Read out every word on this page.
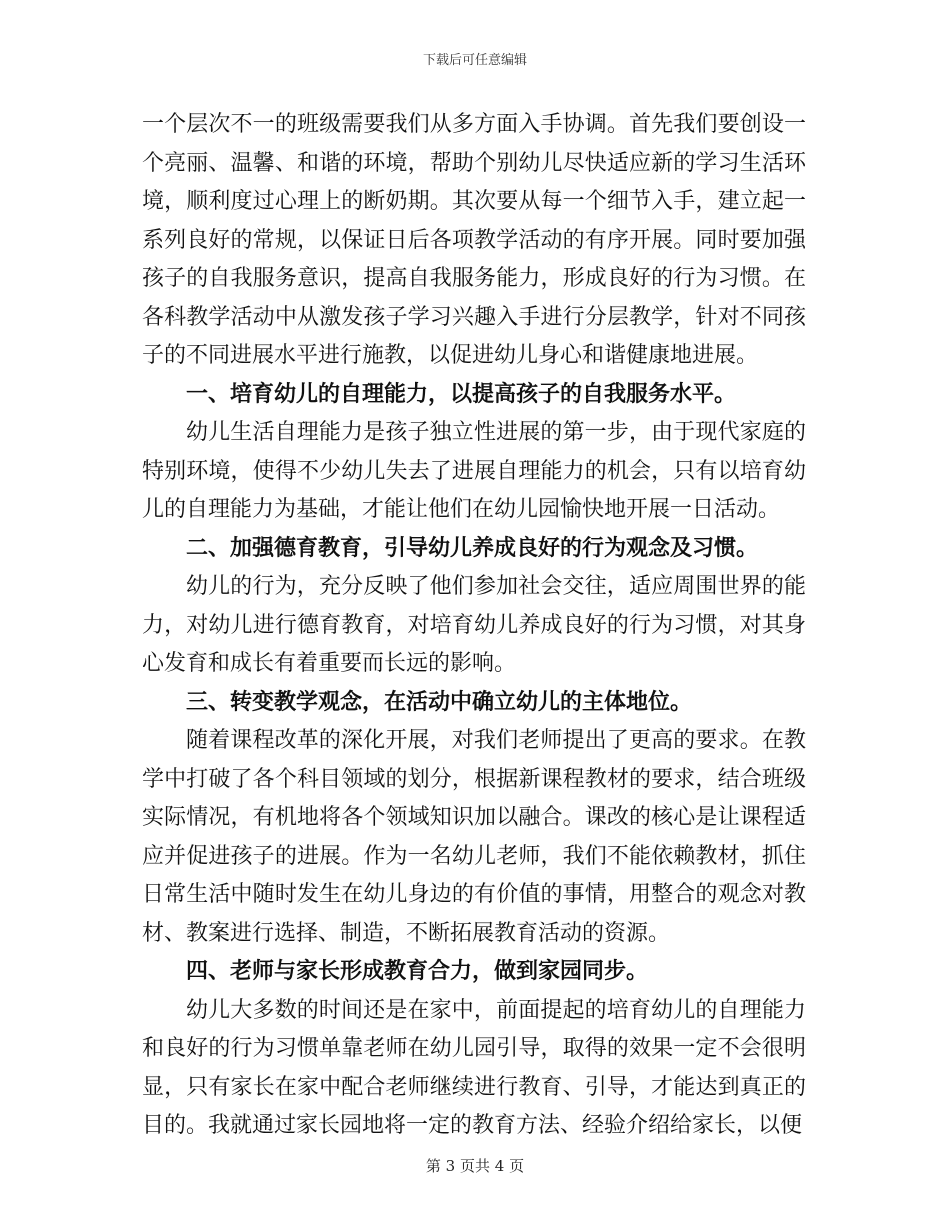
下载后可任意编辑

一个层次不一的班级需要我们从多方面入手协调。首先我们要创设一个亮丽、温馨、和谐的环境，帮助个别幼儿尽快适应新的学习生活环境，顺利度过心理上的断奶期。其次要从每一个细节入手，建立起一系列良好的常规，以保证日后各项教学活动的有序开展。同时要加强孩子的自我服务意识，提高自我服务能力，形成良好的行为习惯。在各科教学活动中从激发孩子学习兴趣入手进行分层教学，针对不同孩子的不同进展水平进行施教，以促进幼儿身心和谐健康地进展。

一、培育幼儿的自理能力，以提高孩子的自我服务水平。

幼儿生活自理能力是孩子独立性进展的第一步，由于现代家庭的特别环境，使得不少幼儿失去了进展自理能力的机会，只有以培育幼儿的自理能力为基础，才能让他们在幼儿园愉快地开展一日活动。

二、加强德育教育，引导幼儿养成良好的行为观念及习惯。

幼儿的行为，充分反映了他们参加社会交往，适应周围世界的能力，对幼儿进行德育教育，对培育幼儿养成良好的行为习惯，对其身心发育和成长有着重要而长远的影响。

三、转变教学观念，在活动中确立幼儿的主体地位。

随着课程改革的深化开展，对我们老师提出了更高的要求。在教学中打破了各个科目领域的划分，根据新课程教材的要求，结合班级实际情况，有机地将各个领域知识加以融合。课改的核心是让课程适应并促进孩子的进展。作为一名幼儿老师，我们不能依赖教材，抓住日常生活中随时发生在幼儿身边的有价值的事情，用整合的观念对教材、教案进行选择、制造，不断拓展教育活动的资源。

四、老师与家长形成教育合力，做到家园同步。

幼儿大多数的时间还是在家中，前面提起的培育幼儿的自理能力和良好的行为习惯单靠老师在幼儿园引导，取得的效果一定不会很明显，只有家长在家中配合老师继续进行教育、引导，才能达到真正的目的。我就通过家长园地将一定的教育方法、经验介绍给家长，以便

第 3 页共 4 页
